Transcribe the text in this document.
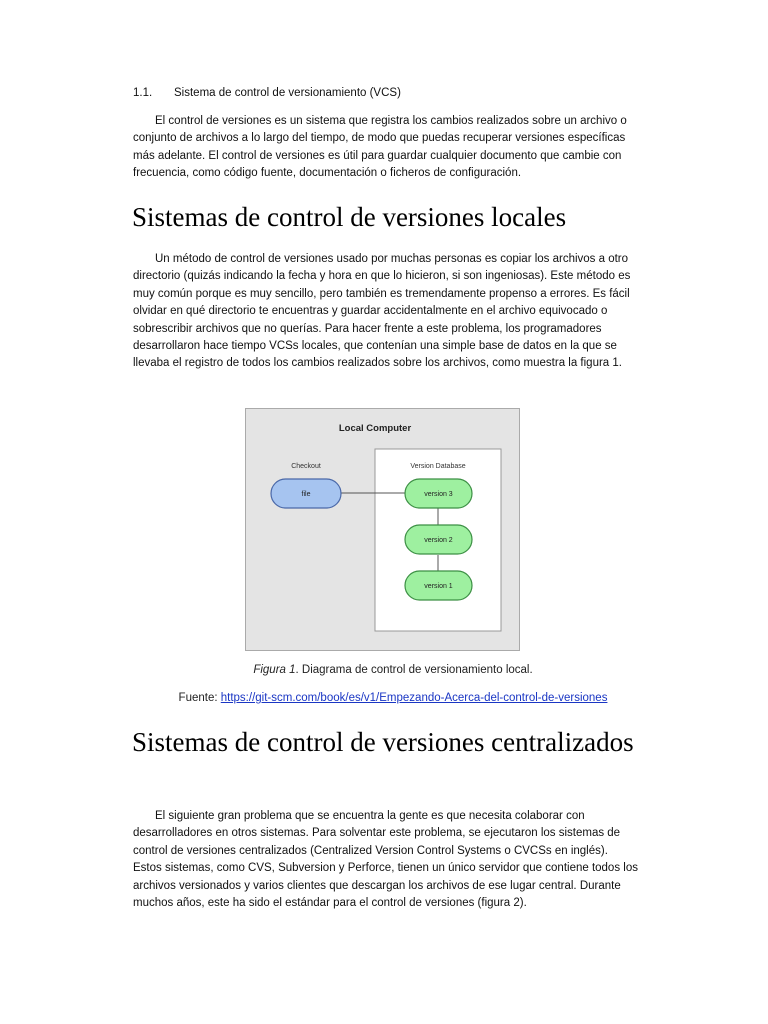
1.1. Sistema de control de versionamiento (VCS)

El control de versiones es un sistema que registra los cambios realizados sobre un archivo o conjunto de archivos a lo largo del tiempo, de modo que puedas recuperar versiones específicas más adelante. El control de versiones es útil para guardar cualquier documento que cambie con frecuencia, como código fuente, documentación o ficheros de configuración.

Sistemas de control de versiones locales

Un método de control de versiones usado por muchas personas es copiar los archivos a otro directorio (quizás indicando la fecha y hora en que lo hicieron, si son ingeniosas). Este método es muy común porque es muy sencillo, pero también es tremendamente propenso a errores. Es fácil olvidar en qué directorio te encuentras y guardar accidentalmente en el archivo equivocado o sobrescribir archivos que no querías. Para hacer frente a este problema, los programadores desarrollaron hace tiempo VCSs locales, que contenían una simple base de datos en la que se llevaba el registro de todos los cambios realizados sobre los archivos, como muestra la figura 1.

Local Computer
Version Database
Checkout
file	version 3
version 2
version 1
Figura 1. Diagrama de control de versionamiento local.
Fuente: https://git-scm.com/book/es/v1/Empezando-Acerca-del-control-de-versiones
Sistemas de control de versiones centralizados

El siguiente gran problema que se encuentra la gente es que necesita colaborar con desarrolladores en otros sistemas. Para solventar este problema, se ejecutaron los sistemas de control de versiones centralizados (Centralized Version Control Systems o CVCSs en inglés). Estos sistemas, como CVS, Subversion y Perforce, tienen un único servidor que contiene todos los archivos versionados y varios clientes que descargan los archivos de ese lugar central. Durante muchos años, este ha sido el estándar para el control de versiones (figura 2).
